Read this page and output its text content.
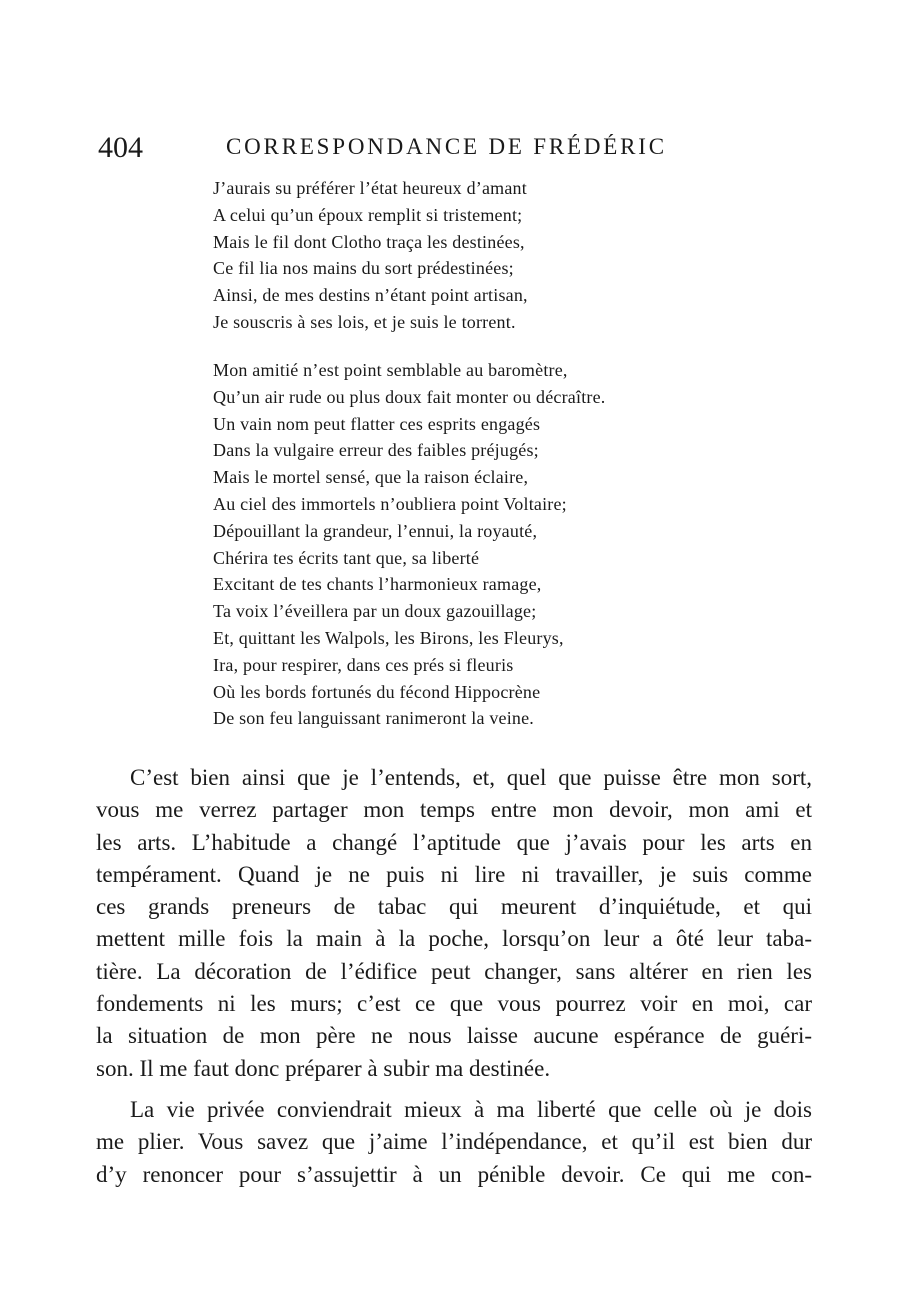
404	CORRESPONDANCE DE FRÉDÉRIC
J’aurais su préférer l’état heureux d’amant
A celui qu’un époux remplit si tristement;
Mais le fil dont Clotho traça les destinées,
Ce fil lia nos mains du sort prédestinées;
Ainsi, de mes destins n’étant point artisan,
Je souscris à ses lois, et je suis le torrent.
Mon amitié n’est point semblable au baromètre,
Qu’un air rude ou plus doux fait monter ou décraître.
Un vain nom peut flatter ces esprits engagés
Dans la vulgaire erreur des faibles préjugés;
Mais le mortel sensé, que la raison éclaire,
Au ciel des immortels n’oubliera point Voltaire;
Dépouillant la grandeur, l’ennui, la royauté,
Chérira tes écrits tant que, sa liberté
Excitant de tes chants l’harmonieux ramage,
Ta voix l’éveillera par un doux gazouillage;
Et, quittant les Walpols, les Birons, les Fleurys,
Ira, pour respirer, dans ces prés si fleuris
Où les bords fortunés du fécond Hippocrène
De son feu languissant ranimeront la veine.
C’est bien ainsi que je l’entends, et, quel que puisse être mon sort,
vous me verrez partager mon temps entre mon devoir, mon ami et
les arts. L’habitude a changé l’aptitude que j’avais pour les arts en
tempérament. Quand je ne puis ni lire ni travailler, je suis comme
ces grands preneurs de tabac qui meurent d’inquiétude, et qui
mettent mille fois la main à la poche, lorsqu’on leur a ôté leur taba-
tière. La décoration de l’édifice peut changer, sans altérer en rien les
fondements ni les murs; c’est ce que vous pourrez voir en moi, car
la situation de mon père ne nous laisse aucune espérance de guéri-
son. Il me faut donc préparer à subir ma destinée.
La vie privée conviendrait mieux à ma liberté que celle où je dois
me plier. Vous savez que j’aime l’indépendance, et qu’il est bien dur
d’y renoncer pour s’assujettir à un pénible devoir. Ce qui me con-
